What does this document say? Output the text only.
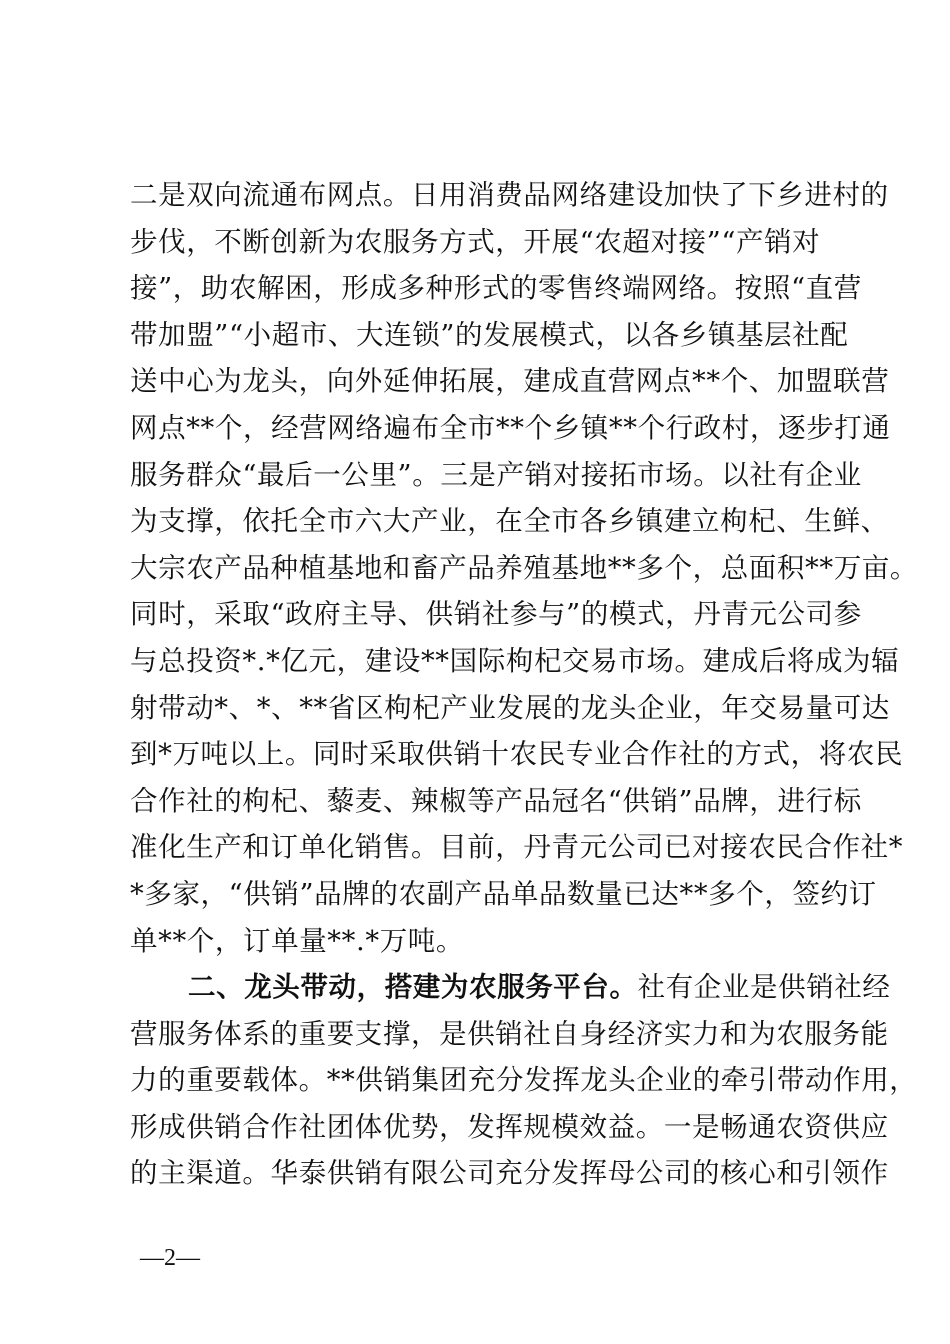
二是双向流通布网点。日用消费品网络建设加快了下乡进村的
步伐，不断创新为农服务方式，开展“农超对接”“产销对
接”，助农解困，形成多种形式的零售终端网络。按照“直营
带加盟”“小超市、大连锁”的发展模式，以各乡镇基层社配
送中心为龙头，向外延伸拓展，建成直营网点**个、加盟联营
网点**个，经营网络遍布全市**个乡镇**个行政村，逐步打通
服务群众“最后一公里”。三是产销对接拓市场。以社有企业
为支撑，依托全市六大产业，在全市各乡镇建立枸杞、生鲜、
大宗农产品种植基地和畜产品养殖基地**多个，总面积**万亩。
同时，采取“政府主导、供销社参与”的模式，丹青元公司参
与总投资*.*亿元，建设**国际枸杞交易市场。建成后将成为辐
射带动*、*、**省区枸杞产业发展的龙头企业，年交易量可达
到*万吨以上。同时采取供销十农民专业合作社的方式，将农民
合作社的枸杞、藜麦、辣椒等产品冠名“供销”品牌，进行标
准化生产和订单化销售。目前，丹青元公司已对接农民合作社*
*多家，“供销”品牌的农副产品单品数量已达**多个，签约订
单**个，订单量**.*万吨。
二、龙头带动，搭建为农服务平台。社有企业是供销社经
营服务体系的重要支撑，是供销社自身经济实力和为农服务能
力的重要载体。**供销集团充分发挥龙头企业的牵引带动作用，
形成供销合作社团体优势，发挥规模效益。一是畅通农资供应
的主渠道。华泰供销有限公司充分发挥母公司的核心和引领作
—2—
